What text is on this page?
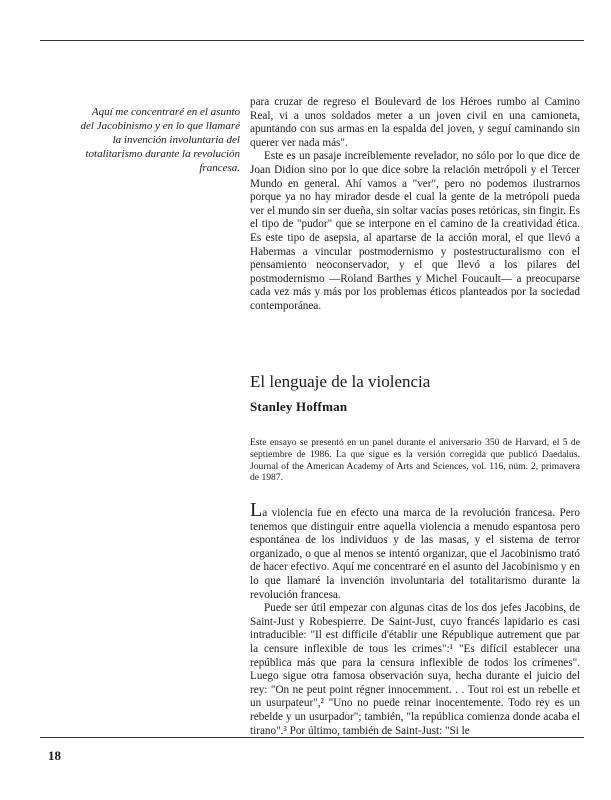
Aquí me concentraré en el asunto del Jacobinismo y en lo que llamaré la invención involuntaria del totalitarismo durante la revolución francesa.

para cruzar de regreso el Boulevard de los Héroes rumbo al Camino Real, vi a unos soldados meter a un joven civil en una camioneta, apuntando con sus armas en la espalda del joven, y seguí caminando sin querer ver nada más".

Este es un pasaje increíblemente revelador, no sólo por lo que dice de Joan Didion sino por lo que dice sobre la relación metrópoli y el Tercer Mundo en general. Ahí vamos a "ver", pero no podemos ilustrarnos porque ya no hay mirador desde el cual la gente de la metrópoli pueda ver el mundo sin ser dueña, sin soltar vacías poses retóricas, sin fingir. Es el tipo de "pudor" que se interpone en el camino de la creatividad ética. Es este tipo de asepsia, al apartarse de la acción moral, el que llevó a Habermas a vincular postmodernismo y postestructuralismo con el pensamiento neoconservador, y el que llevó a los pilares del postmodernismo —Roland Barthes y Michel Foucault— a preocuparse cada vez más y más por los problemas éticos planteados por la sociedad contemporánea.

El lenguaje de la violencia
Stanley Hoffman

Este ensayo se presentó en un panel durante el aniversario 350 de Harvard, el 5 de septiembre de 1986. La que sigue es la versión corregida que publicó Daedalus. Journal of the American Academy of Arts and Sciences, vol. 116, núm. 2, primavera de 1987.

La violencia fue en efecto una marca de la revolución francesa. Pero tenemos que distinguir entre aquella violencia a menudo espantosa pero espontánea de los individuos y de las masas, y el sistema de terror organizado, o que al menos se intentó organizar, que el Jacobinismo trató de hacer efectivo. Aquí me concentraré en el asunto del Jacobinismo y en lo que llamaré la invención involuntaria del totalitarismo durante la revolución francesa.

Puede ser útil empezar con algunas citas de los dos jefes Jacobins, de Saint-Just y Robespierre. De Saint-Just, cuyo francés lapidario es casi intraducible: "Il est difficile d'établir une République autrement que par la censure inflexible de tous les crimes":¹ "Es difícil establecer una república más que para la censura inflexible de todos los crímenes". Luego sigue otra famosa observación suya, hecha durante el juicio del rey: "On ne peut point régner innocemment. . . Tout roi est un rebelle et un usurpateur",² "Uno no puede reinar inocentemente. Todo rey es un rebelde y un usurpador"; también, "la república comienza donde acaba el tirano".³ Por último, también de Saint-Just: "Si le

18
